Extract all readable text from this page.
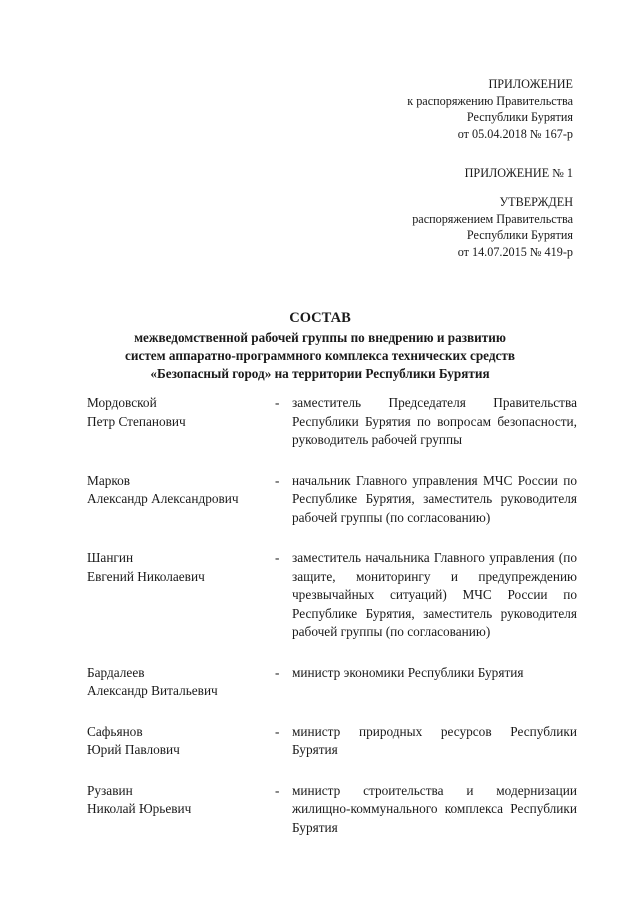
ПРИЛОЖЕНИЕ
к распоряжению Правительства
Республики Бурятия
от 05.04.2018 № 167-р
ПРИЛОЖЕНИЕ № 1
УТВЕРЖДЕН
распоряжением Правительства
Республики Бурятия
от 14.07.2015 № 419-р
СОСТАВ
межведомственной рабочей группы по внедрению и развитию
систем аппаратно-программного комплекса технических средств
«Безопасный город» на территории Республики Бурятия
Мордовской
Петр Степанович
- заместитель Председателя Правительства Республики Бурятия по вопросам безопасности, руководитель рабочей группы
Марков
Александр Александрович
- начальник Главного управления МЧС России по Республике Бурятия, заместитель руководителя рабочей группы (по согласованию)
Шангин
Евгений Николаевич
- заместитель начальника Главного управления (по защите, мониторингу и предупреждению чрезвычайных ситуаций) МЧС России по Республике Бурятия, заместитель руководителя рабочей группы (по согласованию)
Бардалеев
Александр Витальевич
- министр экономики Республики Бурятия
Сафьянов
Юрий Павлович
- министр природных ресурсов Республики Бурятия
Рузавин
Николай Юрьевич
- министр строительства и модернизации жилищно-коммунального комплекса Республики Бурятия
